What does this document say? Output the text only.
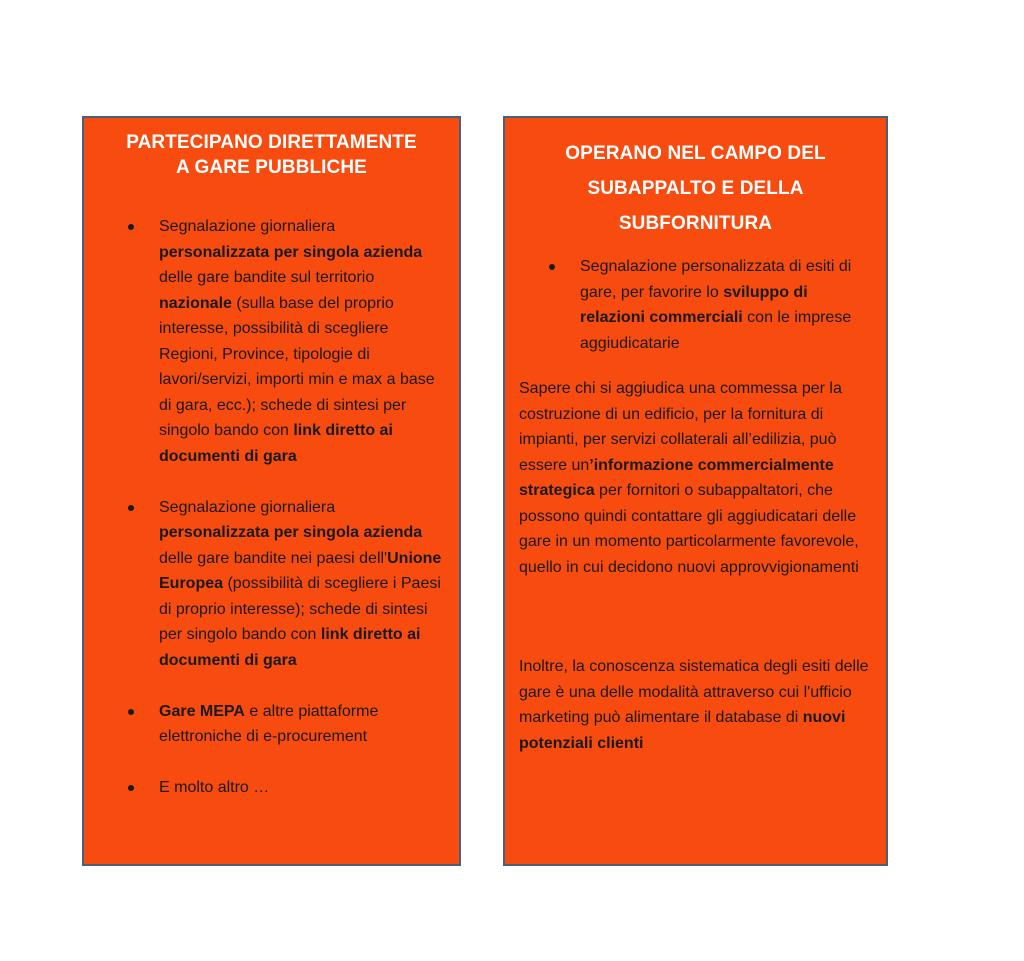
PARTECIPANO DIRETTAMENTE
A GARE PUBBLICHE
Segnalazione giornaliera personalizzata per singola azienda delle gare bandite sul territorio nazionale (sulla base del proprio interesse, possibilità di scegliere Regioni, Province, tipologie di lavori/servizi, importi min e max a base di gara, ecc.); schede di sintesi per singolo bando con link diretto ai documenti di gara
Segnalazione giornaliera personalizzata per singola azienda delle gare bandite nei paesi dell'Unione Europea (possibilità di scegliere i Paesi di proprio interesse); schede di sintesi per singolo bando con link diretto ai documenti di gara
Gare MEPA e altre piattaforme elettroniche di e-procurement
E molto altro …
OPERANO NEL CAMPO DEL
SUBAPPALTO E DELLA
SUBFORNITURA
Segnalazione personalizzata di esiti di gare, per favorire lo sviluppo di relazioni commerciali con le imprese aggiudicatarie

Sapere chi si aggiudica una commessa per la costruzione di un edificio, per la fornitura di impianti, per servizi collaterali all’edilizia, può essere un’informazione commercialmente strategica per fornitori o subappaltatori, che possono quindi contattare gli aggiudicatari delle gare in un momento particolarmente favorevole, quello in cui decidono nuovi approvvigionamenti

Inoltre, la conoscenza sistematica degli esiti delle gare è una delle modalità attraverso cui l'ufficio marketing può alimentare il database di nuovi potenziali clienti
